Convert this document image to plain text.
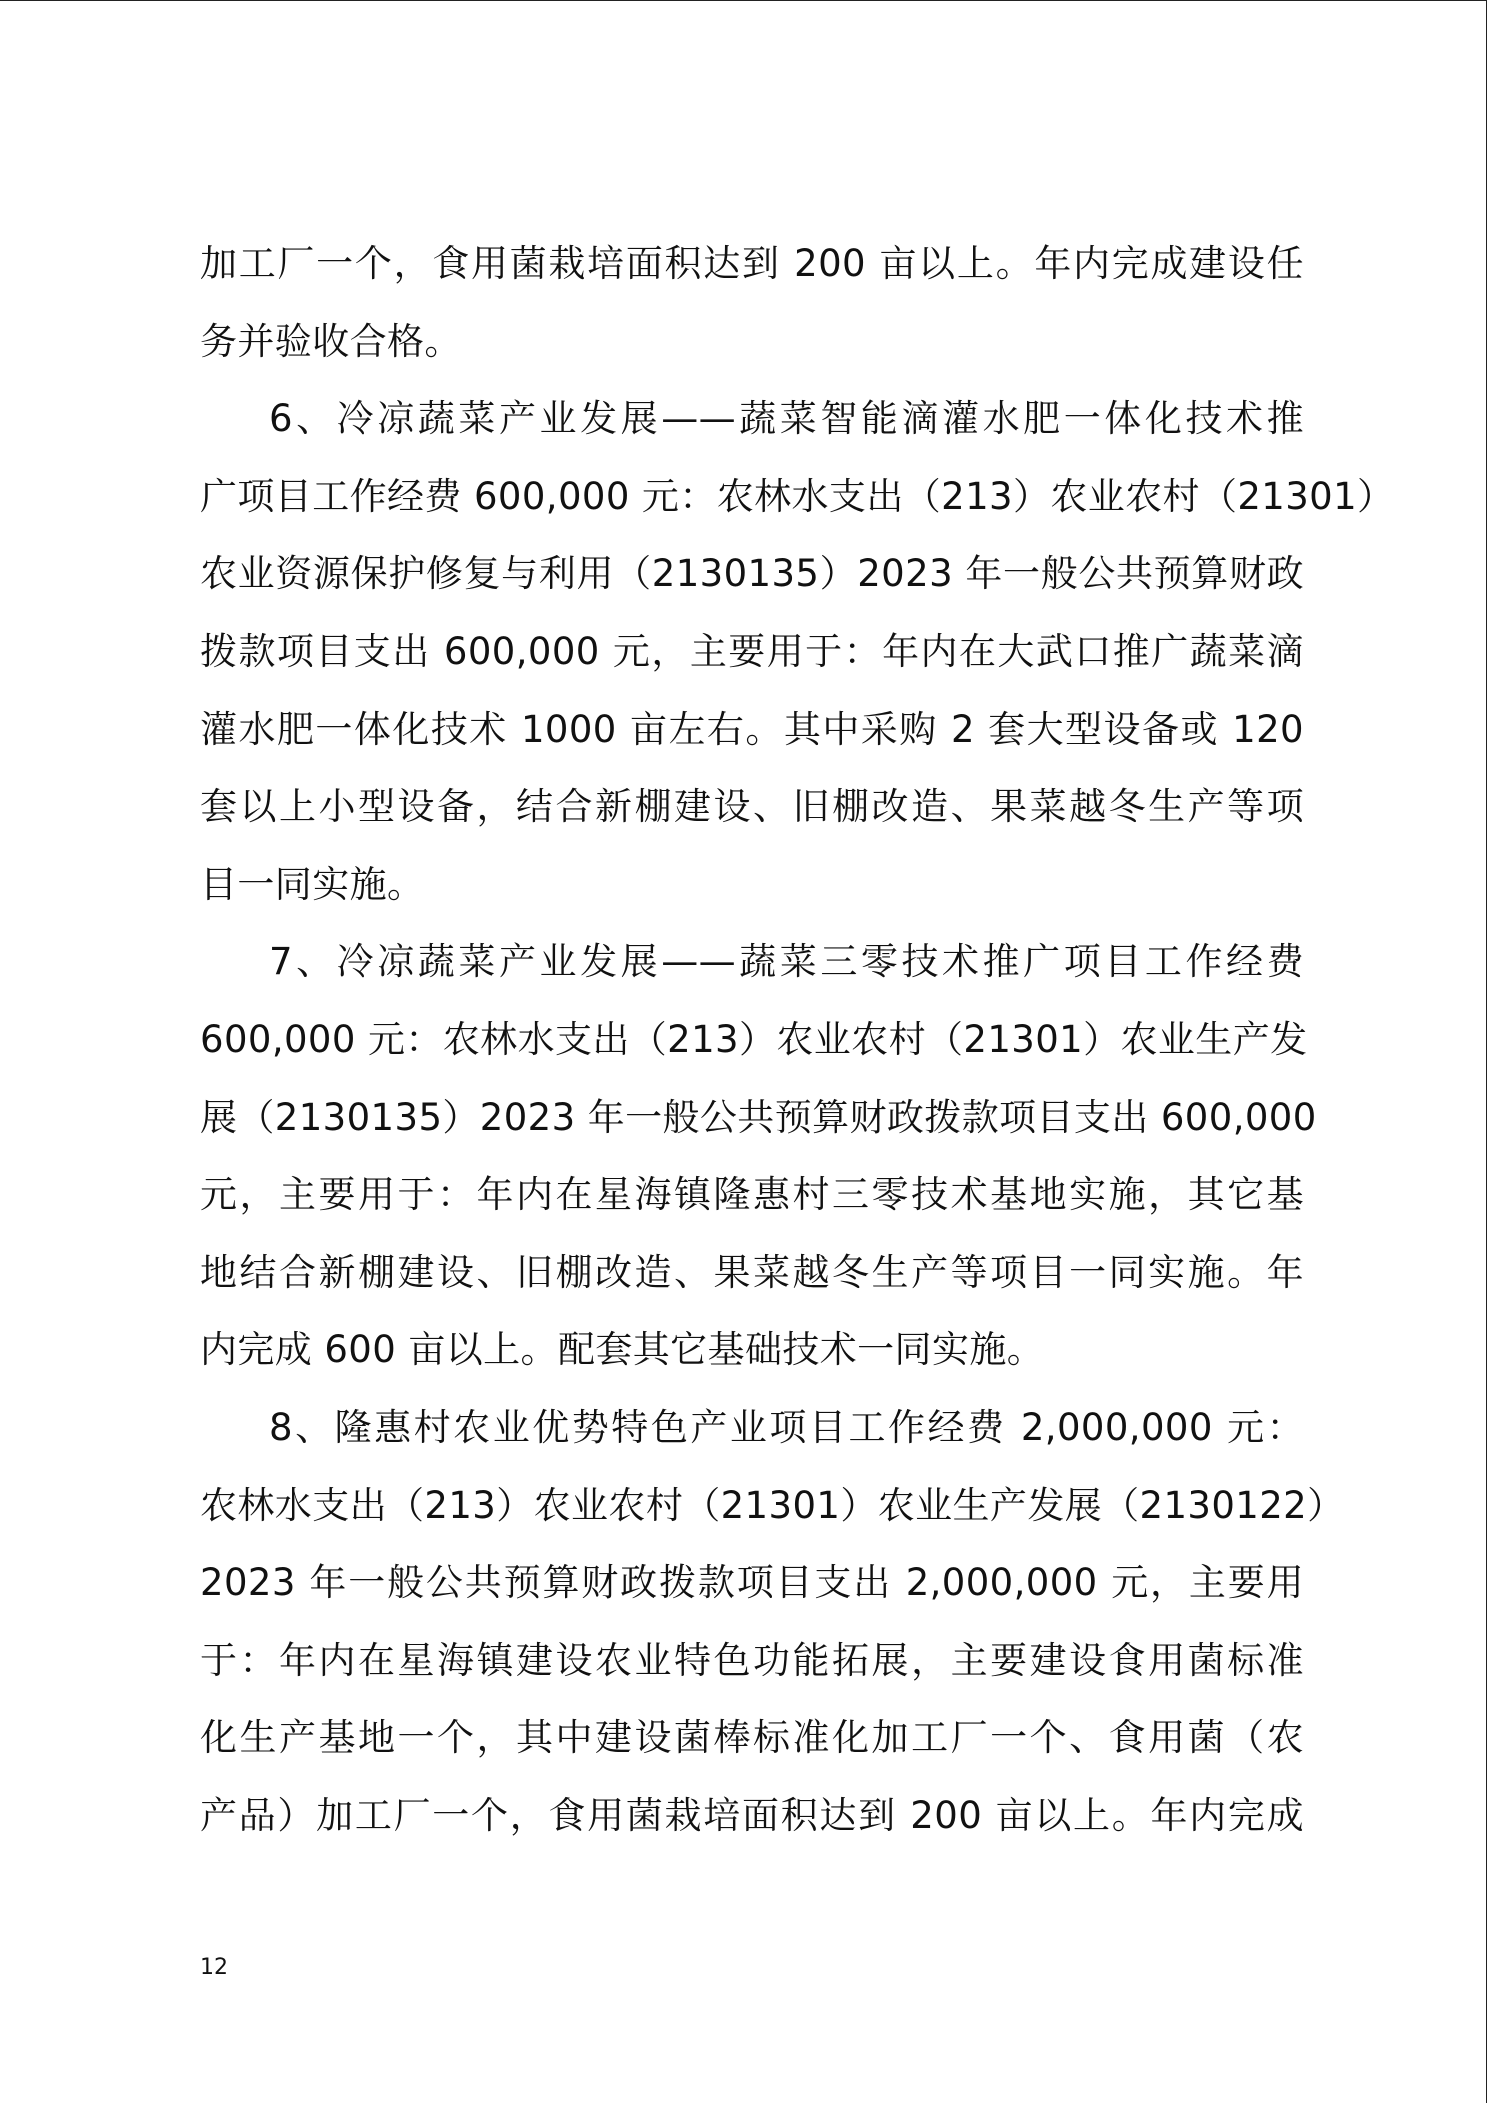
加工厂一个，食用菌栽培面积达到 200 亩以上。年内完成建设任
务并验收合格。
6、冷凉蔬菜产业发展——蔬菜智能滴灌水肥一体化技术推
广项目工作经费 600,000 元：农林水支出（213）农业农村（21301）
农业资源保护修复与利用（2130135）2023 年一般公共预算财政
拨款项目支出 600,000 元，主要用于：年内在大武口推广蔬菜滴
灌水肥一体化技术 1000 亩左右。其中采购 2 套大型设备或 120
套以上小型设备，结合新棚建设、旧棚改造、果菜越冬生产等项
目一同实施。
7、冷凉蔬菜产业发展——蔬菜三零技术推广项目工作经费
600,000 元：农林水支出（213）农业农村（21301）农业生产发
展（2130135）2023 年一般公共预算财政拨款项目支出 600,000
元，主要用于：年内在星海镇隆惠村三零技术基地实施，其它基
地结合新棚建设、旧棚改造、果菜越冬生产等项目一同实施。年
内完成 600 亩以上。配套其它基础技术一同实施。
8、隆惠村农业优势特色产业项目工作经费 2,000,000 元：
农林水支出（213）农业农村（21301）农业生产发展（2130122）
2023 年一般公共预算财政拨款项目支出 2,000,000 元，主要用
于：年内在星海镇建设农业特色功能拓展，主要建设食用菌标准
化生产基地一个，其中建设菌棒标准化加工厂一个、食用菌（农
产品）加工厂一个，食用菌栽培面积达到 200 亩以上。年内完成
12
